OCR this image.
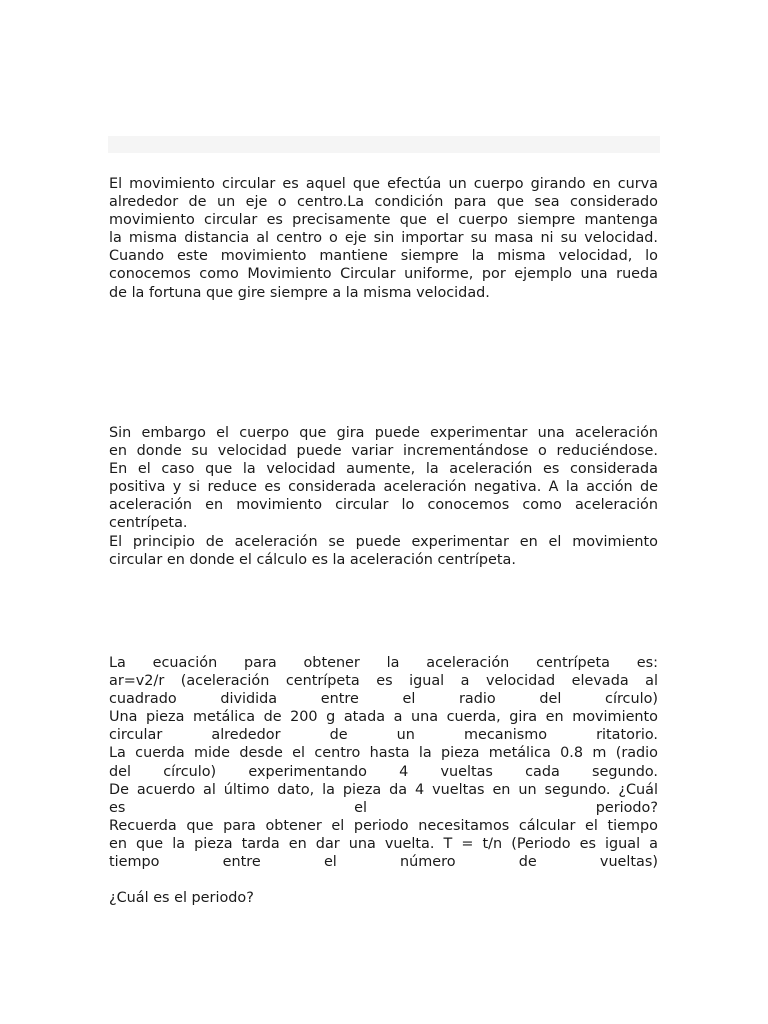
El movimiento circular es aquel que efectúa un cuerpo girando en curva
alrededor de un eje o centro.La condición para que sea considerado
movimiento circular es precisamente que el cuerpo siempre mantenga
la misma distancia al centro o eje sin importar su masa ni su velocidad.
Cuando este movimiento mantiene siempre la misma velocidad, lo
conocemos como Movimiento Circular uniforme, por ejemplo una rueda
de la fortuna que gire siempre a la misma velocidad.
Sin embargo el cuerpo que gira puede experimentar una aceleración
en donde su velocidad puede variar incrementándose o reduciéndose.
En el caso que la velocidad aumente, la aceleración es considerada
positiva y si reduce es considerada aceleración negativa. A la acción de
aceleración en movimiento circular lo conocemos como aceleración
centrípeta.
El principio de aceleración se puede experimentar en el movimiento
circular en donde el cálculo es la aceleración centrípeta.
La ecuación para obtener la aceleración centrípeta es:
ar=v2/r (aceleración centrípeta es igual a velocidad elevada al
cuadrado dividida entre el radio del círculo)
Una pieza metálica de 200 g atada a una cuerda, gira en movimiento
circular alrededor de un mecanismo ritatorio.
La cuerda mide desde el centro hasta la pieza metálica 0.8 m (radio
del círculo) experimentando 4 vueltas cada segundo.
De acuerdo al último dato, la pieza da 4 vueltas en un segundo. ¿Cuál
es el periodo?
Recuerda que para obtener el periodo necesitamos cálcular el tiempo
en que la pieza tarda en dar una vuelta. T = t/n (Periodo es igual a
tiempo entre el número de vueltas)
¿Cuál es el periodo?
